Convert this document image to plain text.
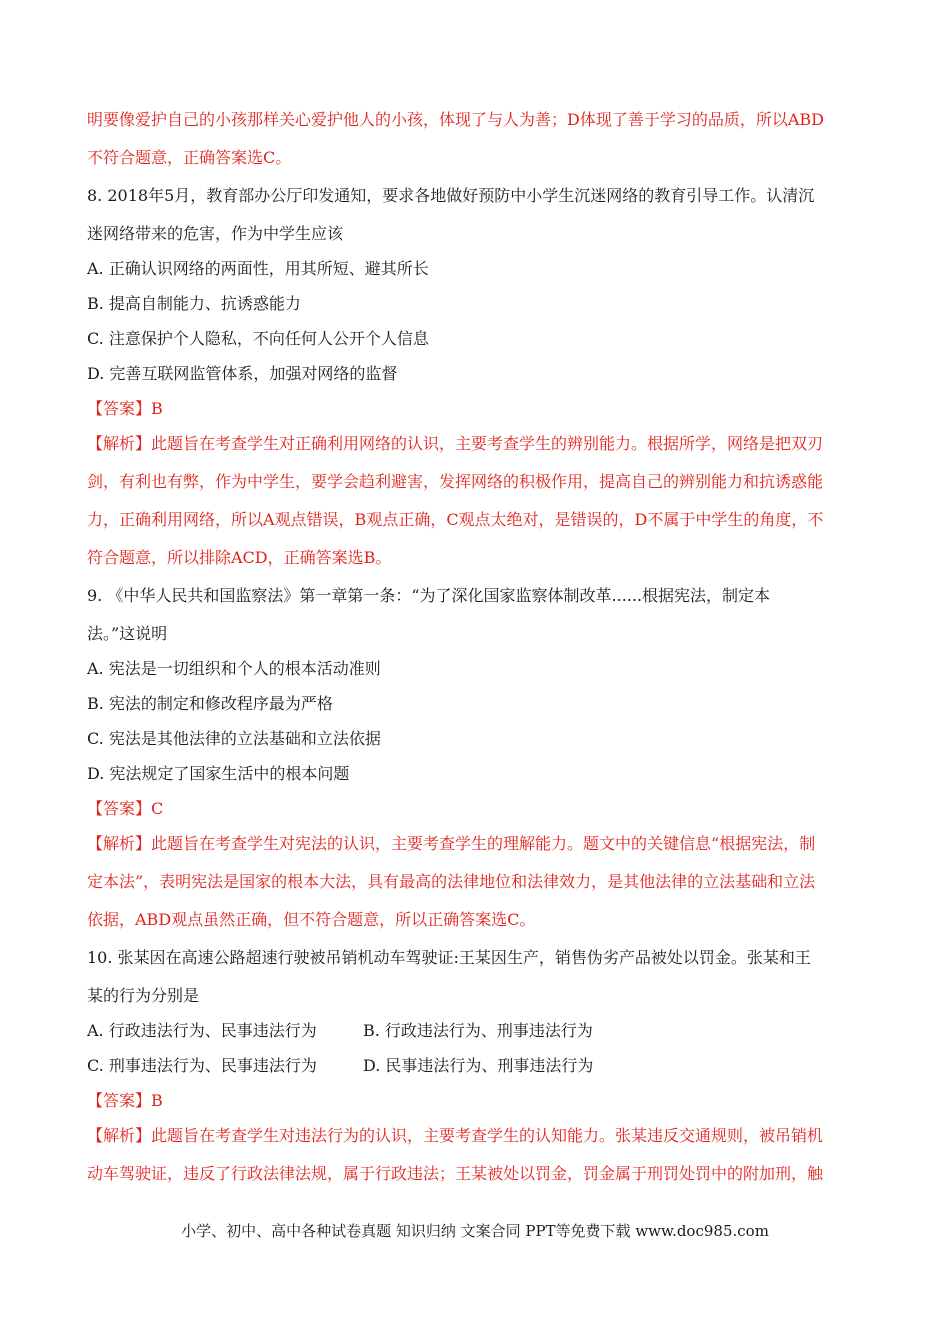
明要像爱护自己的小孩那样关心爱护他人的小孩，体现了与人为善；D体现了善于学习的品质，所以ABD
不符合题意，正确答案选C。
8. 2018年5月，教育部办公厅印发通知，要求各地做好预防中小学生沉迷网络的教育引导工作。认清沉
迷网络带来的危害，作为中学生应该
A. 正确认识网络的两面性，用其所短、避其所长
B. 提高自制能力、抗诱惑能力
C. 注意保护个人隐私，不向任何人公开个人信息
D. 完善互联网监管体系，加强对网络的监督
【答案】B
【解析】此题旨在考查学生对正确利用网络的认识，主要考查学生的辨别能力。根据所学，网络是把双刃
剑，有利也有弊，作为中学生，要学会趋利避害，发挥网络的积极作用，提高自己的辨别能力和抗诱惑能
力，正确利用网络，所以A观点错误，B观点正确，C观点太绝对，是错误的，D不属于中学生的角度，不
符合题意，所以排除ACD，正确答案选B。
9. 《中华人民共和国监察法》第一章第一条：“为了深化国家监察体制改革......根据宪法，制定本
法。”这说明
A. 宪法是一切组织和个人的根本活动准则
B. 宪法的制定和修改程序最为严格
C. 宪法是其他法律的立法基础和立法依据
D. 宪法规定了国家生活中的根本问题
【答案】C
【解析】此题旨在考查学生对宪法的认识，主要考查学生的理解能力。题文中的关键信息“根据宪法，制
定本法”，表明宪法是国家的根本大法，具有最高的法律地位和法律效力，是其他法律的立法基础和立法
依据，ABD观点虽然正确，但不符合题意，所以正确答案选C。
10. 张某因在高速公路超速行驶被吊销机动车驾驶证:王某因生产，销售伪劣产品被处以罚金。张某和王
某的行为分别是
A. 行政违法行为、民事违法行为	B. 行政违法行为、刑事违法行为
C. 刑事违法行为、民事违法行为	D. 民事违法行为、刑事违法行为
【答案】B
【解析】此题旨在考查学生对违法行为的认识，主要考查学生的认知能力。张某违反交通规则，被吊销机
动车驾驶证，违反了行政法律法规，属于行政违法；王某被处以罚金，罚金属于刑罚处罚中的附加刑，触
小学、初中、高中各种试卷真题 知识归纳 文案合同 PPT等免费下载 www.doc985.com
